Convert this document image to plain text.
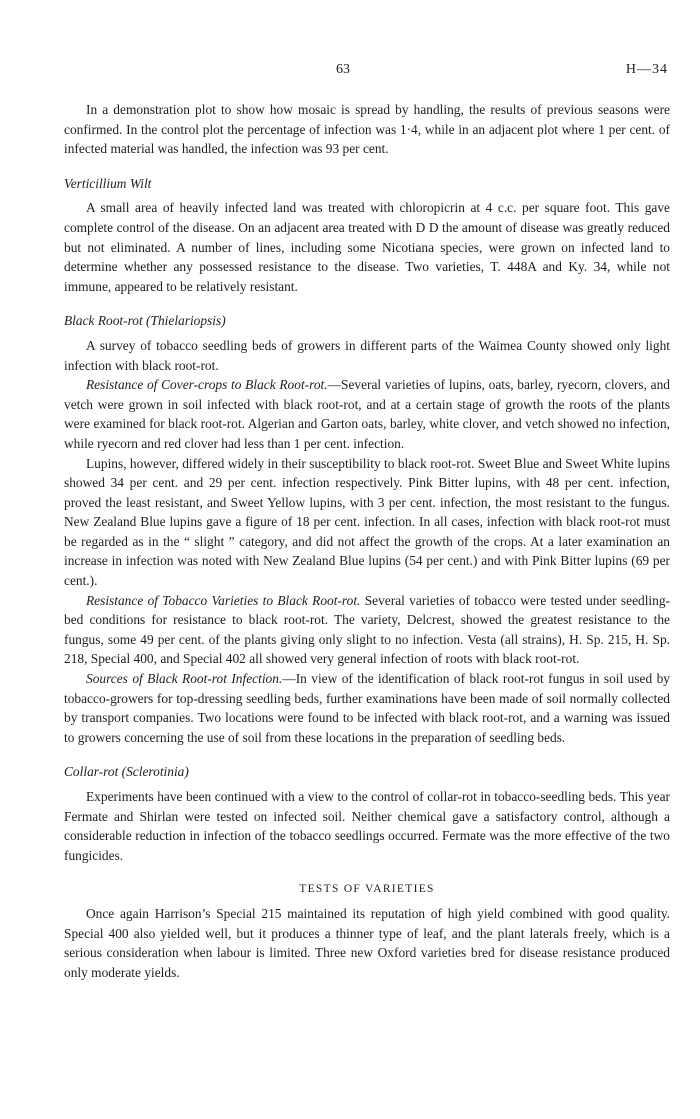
63	H—34

In a demonstration plot to show how mosaic is spread by handling, the results of previous seasons were confirmed. In the control plot the percentage of infection was 1·4, while in an adjacent plot where 1 per cent. of infected material was handled, the infection was 93 per cent.

Verticillium Wilt

A small area of heavily infected land was treated with chloropicrin at 4 c.c. per square foot. This gave complete control of the disease. On an adjacent area treated with D D the amount of disease was greatly reduced but not eliminated. A number of lines, including some Nicotiana species, were grown on infected land to determine whether any possessed resistance to the disease. Two varieties, T. 448A and Ky. 34, while not immune, appeared to be relatively resistant.

Black Root-rot (Thielariopsis)

A survey of tobacco seedling beds of growers in different parts of the Waimea County showed only light infection with black root-rot.

Resistance of Cover-crops to Black Root-rot.—Several varieties of lupins, oats, barley, ryecorn, clovers, and vetch were grown in soil infected with black root-rot, and at a certain stage of growth the roots of the plants were examined for black root-rot. Algerian and Garton oats, barley, white clover, and vetch showed no infection, while ryecorn and red clover had less than 1 per cent. infection.

Lupins, however, differed widely in their susceptibility to black root-rot. Sweet Blue and Sweet White lupins showed 34 per cent. and 29 per cent. infection respectively. Pink Bitter lupins, with 48 per cent. infection, proved the least resistant, and Sweet Yellow lupins, with 3 per cent. infection, the most resistant to the fungus. New Zealand Blue lupins gave a figure of 18 per cent. infection. In all cases, infection with black root-rot must be regarded as in the “ slight ” category, and did not affect the growth of the crops. At a later examination an increase in infection was noted with New Zealand Blue lupins (54 per cent.) and with Pink Bitter lupins (69 per cent.).

Resistance of Tobacco Varieties to Black Root-rot. Several varieties of tobacco were tested under seedling-bed conditions for resistance to black root-rot. The variety, Delcrest, showed the greatest resistance to the fungus, some 49 per cent. of the plants giving only slight to no infection. Vesta (all strains), H. Sp. 215, H. Sp. 218, Special 400, and Special 402 all showed very general infection of roots with black root-rot.

Sources of Black Root-rot Infection.—In view of the identification of black root-rot fungus in soil used by tobacco-growers for top-dressing seedling beds, further examinations have been made of soil normally collected by transport companies. Two locations were found to be infected with black root-rot, and a warning was issued to growers concerning the use of soil from these locations in the preparation of seedling beds.

Collar-rot (Sclerotinia)

Experiments have been continued with a view to the control of collar-rot in tobacco-seedling beds. This year Fermate and Shirlan were tested on infected soil. Neither chemical gave a satisfactory control, although a considerable reduction in infection of the tobacco seedlings occurred. Fermate was the more effective of the two fungicides.

TESTS OF VARIETIES

Once again Harrison’s Special 215 maintained its reputation of high yield combined with good quality. Special 400 also yielded well, but it produces a thinner type of leaf, and the plant laterals freely, which is a serious consideration when labour is limited. Three new Oxford varieties bred for disease resistance produced only moderate yields.
